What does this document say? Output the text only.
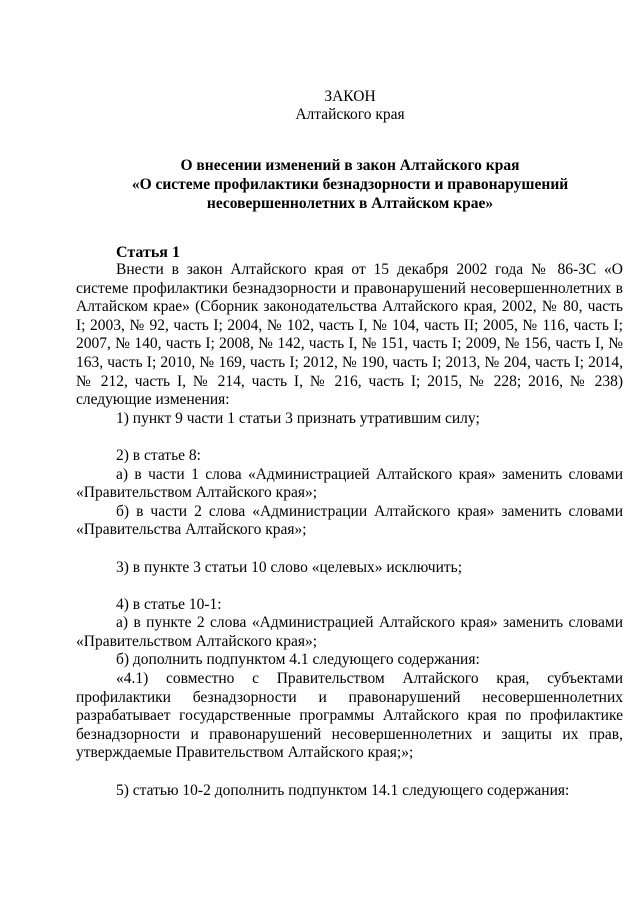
ЗАКОН
Алтайского края
О внесении изменений в закон Алтайского края
«О системе профилактики безнадзорности и правонарушений
несовершеннолетних в Алтайском крае»
Статья 1

Внести в закон Алтайского края от 15 декабря 2002 года № 86-ЗС «О системе профилактики безнадзорности и правонарушений несовершеннолетних в Алтайском крае» (Сборник законодательства Алтайского края, 2002, № 80, часть I; 2003, № 92, часть I; 2004, № 102, часть I, № 104, часть II; 2005, № 116, часть I; 2007, № 140, часть I; 2008, № 142, часть I, № 151, часть I; 2009, № 156, часть I, № 163, часть I; 2010, № 169, часть I; 2012, № 190, часть I; 2013, № 204, часть I; 2014, № 212, часть I, № 214, часть I, № 216, часть I; 2015, № 228; 2016, № 238) следующие изменения:

1) пункт 9 части 1 статьи 3 признать утратившим силу;

2) в статье 8:

а) в части 1 слова «Администрацией Алтайского края» заменить словами «Правительством Алтайского края»;

б) в части 2 слова «Администрации Алтайского края» заменить словами «Правительства Алтайского края»;

3) в пункте 3 статьи 10 слово «целевых» исключить;

4) в статье 10-1:

а) в пункте 2 слова «Администрацией Алтайского края» заменить словами «Правительством Алтайского края»;

б) дополнить подпунктом 4.1 следующего содержания:

«4.1) совместно с Правительством Алтайского края, субъектами профилактики безнадзорности и правонарушений несовершеннолетних разрабатывает государственные программы Алтайского края по профилактике безнадзорности и правонарушений несовершеннолетних и защиты их прав, утверждаемые Правительством Алтайского края;»;

5) статью 10-2 дополнить подпунктом 14.1 следующего содержания:
